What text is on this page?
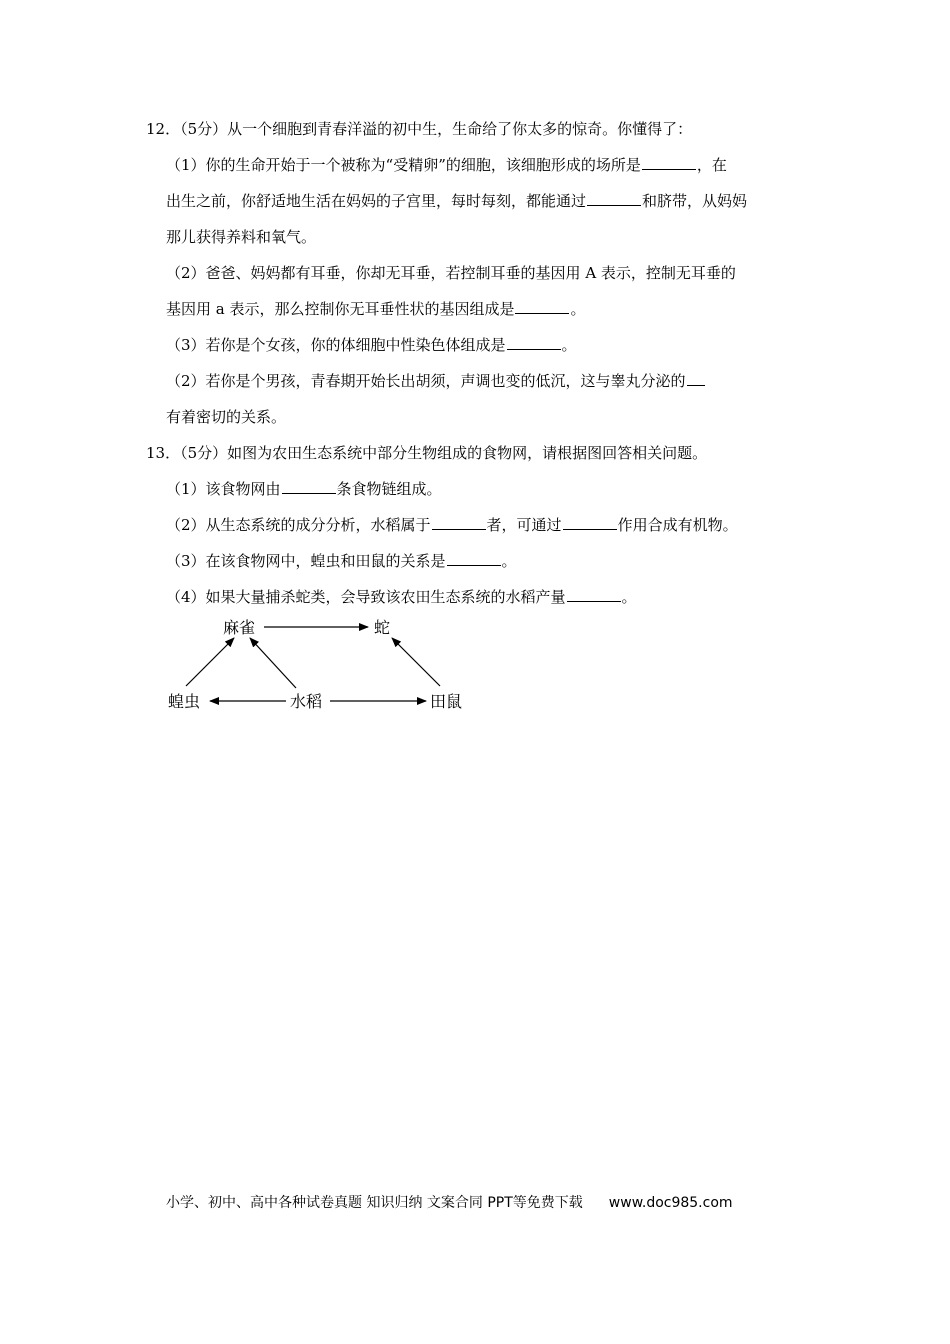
12．（5分）从一个细胞到青春洋溢的初中生，生命给了你太多的惊奇。你懂得了：
（1）你的生命开始于一个被称为“受精卵”的细胞，该细胞形成的场所是	，在
出生之前，你舒适地生活在妈妈的子宫里，每时每刻，都能通过	和脐带，从妈妈
那儿获得养料和氧气。
（2）爸爸、妈妈都有耳垂，你却无耳垂，若控制耳垂的基因用 A 表示，控制无耳垂的
基因用 a 表示，那么控制你无耳垂性状的基因组成是	。
（3）若你是个女孩，你的体细胞中性染色体组成是	。
（2）若你是个男孩，青春期开始长出胡须，声调也变的低沉，这与睾丸分泌的
有着密切的关系。
13．（5分）如图为农田生态系统中部分生物组成的食物网，请根据图回答相关问题。
（1）该食物网由	条食物链组成。
（2）从生态系统的成分分析，水稻属于	者，可通过	作用合成有机物。
（3）在该食物网中，蝗虫和田鼠的关系是	。
（4）如果大量捕杀蛇类，会导致该农田生态系统的水稻产量	。
麻雀	蛇
蝗虫	水稻	田鼠
小学、初中、高中各种试卷真题 知识归纳 文案合同 PPT等免费下载 www.doc985.com
